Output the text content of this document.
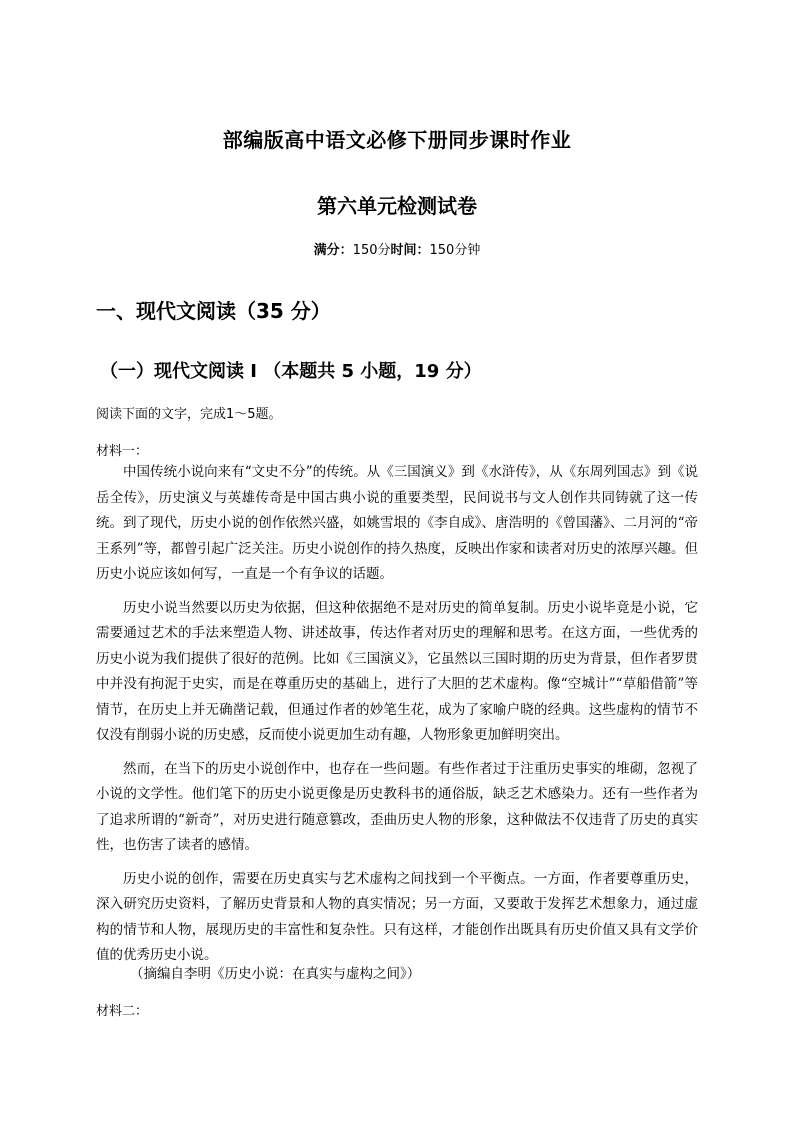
部编版高中语文必修下册同步课时作业
第六单元检测试卷
满分：150分时间：150分钟
一、现代文阅读（35 分）
（一）现代文阅读 I （本题共 5 小题，19 分）
阅读下面的文字，完成1～5题。
材料一：

中国传统小说向来有“文史不分”的传统。从《三国演义》到《水浒传》，从《东周列国志》到《说岳全传》，历史演义与英雄传奇是中国古典小说的重要类型，民间说书与文人创作共同铸就了这一传统。到了现代，历史小说的创作依然兴盛，如姚雪垠的《李自成》、唐浩明的《曾国藩》、二月河的“帝王系列”等，都曾引起广泛关注。历史小说创作的持久热度，反映出作家和读者对历史的浓厚兴趣。但历史小说应该如何写，一直是一个有争议的话题。

历史小说当然要以历史为依据，但这种依据绝不是对历史的简单复制。历史小说毕竟是小说，它需要通过艺术的手法来塑造人物、讲述故事，传达作者对历史的理解和思考。在这方面，一些优秀的历史小说为我们提供了很好的范例。比如《三国演义》，它虽然以三国时期的历史为背景，但作者罗贯中并没有拘泥于史实，而是在尊重历史的基础上，进行了大胆的艺术虚构。像“空城计”“草船借箭”等情节，在历史上并无确凿记载，但通过作者的妙笔生花，成为了家喻户晓的经典。这些虚构的情节不仅没有削弱小说的历史感，反而使小说更加生动有趣，人物形象更加鲜明突出。

然而，在当下的历史小说创作中，也存在一些问题。有些作者过于注重历史事实的堆砌，忽视了小说的文学性。他们笔下的历史小说更像是历史教科书的通俗版，缺乏艺术感染力。还有一些作者为了追求所谓的“新奇”，对历史进行随意篡改，歪曲历史人物的形象，这种做法不仅违背了历史的真实性，也伤害了读者的感情。

历史小说的创作，需要在历史真实与艺术虚构之间找到一个平衡点。一方面，作者要尊重历史，深入研究历史资料，了解历史背景和人物的真实情况；另一方面，又要敢于发挥艺术想象力，通过虚构的情节和人物，展现历史的丰富性和复杂性。只有这样，才能创作出既具有历史价值又具有文学价值的优秀历史小说。

（摘编自李明《历史小说：在真实与虚构之间》）
材料二：
